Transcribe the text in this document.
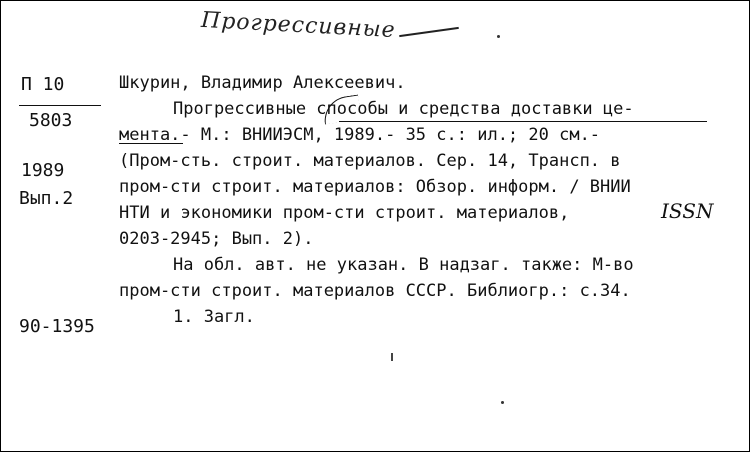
Прогрессивные
П 10
5803
1989
Вып.2
90-1395
Шкурин, Владимир Алексеевич.
Прогрессивные способы и средства доставки це-
мента.- М.: ВНИИЭСМ, 1989.- 35 с.: ил.; 20 см.-
(Пром-сть. строит. материалов. Сер. 14, Трансп. в
пром-сти строит. материалов: Обзор. информ. / ВНИИ
НТИ и экономики пром-сти строит. материалов,	ISSN
0203-2945; Вып. 2).
На обл. авт. не указан. В надзаг. также: М-во
пром-сти строит. материалов СССР. Библиогр.: с.34.
1. Загл.
